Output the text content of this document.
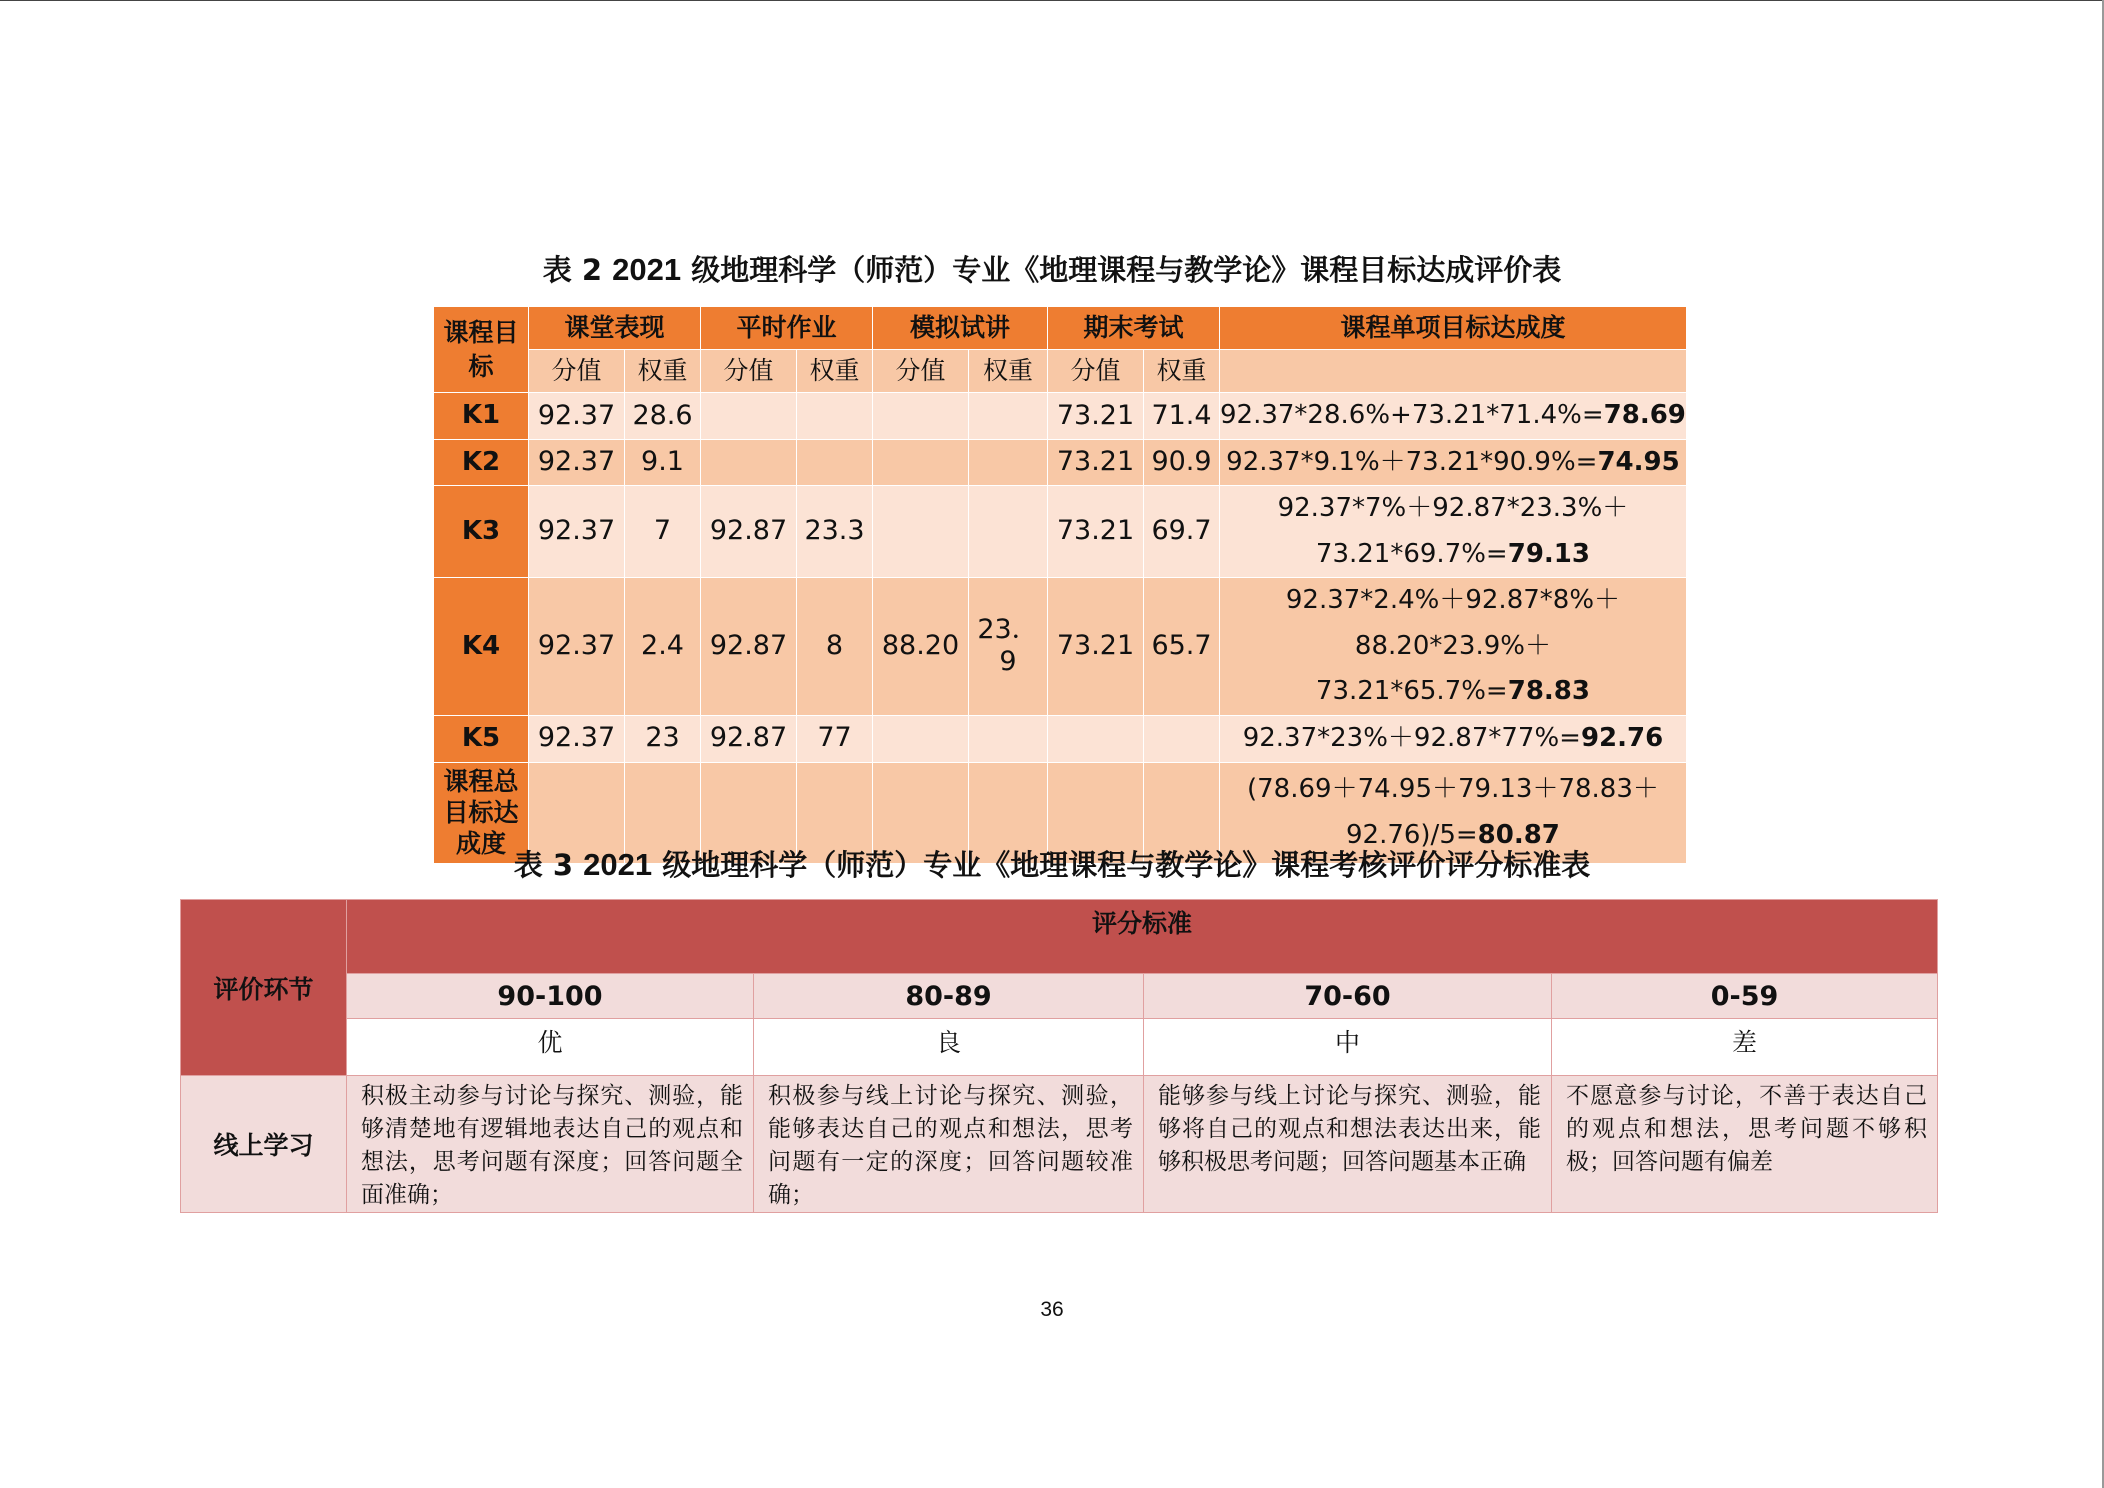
表 2 2021 级地理科学（师范）专业《地理课程与教学论》课程目标达成评价表
课程目标	课堂表现		平时作业		模拟试讲		期末考试		课程单项目标达成度
	分值	权重	分值	权重	分值	权重	分值	权重	
K1	92.37	28.6					73.21	71.4	92.37*28.6%+73.21*71.4%=78.69
K2	92.37	9.1					73.21	90.9	92.37*9.1%＋73.21*90.9%=74.95
K3	92.37	7	92.87	23.3			73.21	69.7	92.37*7%＋92.87*23.3%＋
73.21*69.7%=79.13
K4	92.37	2.4	92.87	8	88.20	23．9	73.21	65.7	92.37*2.4%＋92.87*8%＋
88.20*23.9%＋73.21*65.7%=78.83
K5	92.37	23	92.87	77					92.37*23%＋92.87*77%=92.76
课程总
目标达
成度									(78.69＋74.95＋79.13＋78.83＋
92.76)/5=80.87
表 3 2021 级地理科学（师范）专业《地理课程与教学论》课程考核评价评分标准表
评价环节	评分标准			
	90-100	80-89	70-60	0-59
	优	良	中	差
线上学习	积极主动参与讨论与探究、测验，能够清楚地有逻辑地表达自己的观点和想法，思考问题有深度；回答问题全面准确；	积极参与线上讨论与探究、测验，能够表达自己的观点和想法，思考问题有一定的深度；回答问题较准确；	能够参与线上讨论与探究、测验，能够将自己的观点和想法表达出来，能够积极思考问题；回答问题基本正确	不愿意参与讨论，不善于表达自己的观点和想法，思考问题不够积极；回答问题有偏差
36
